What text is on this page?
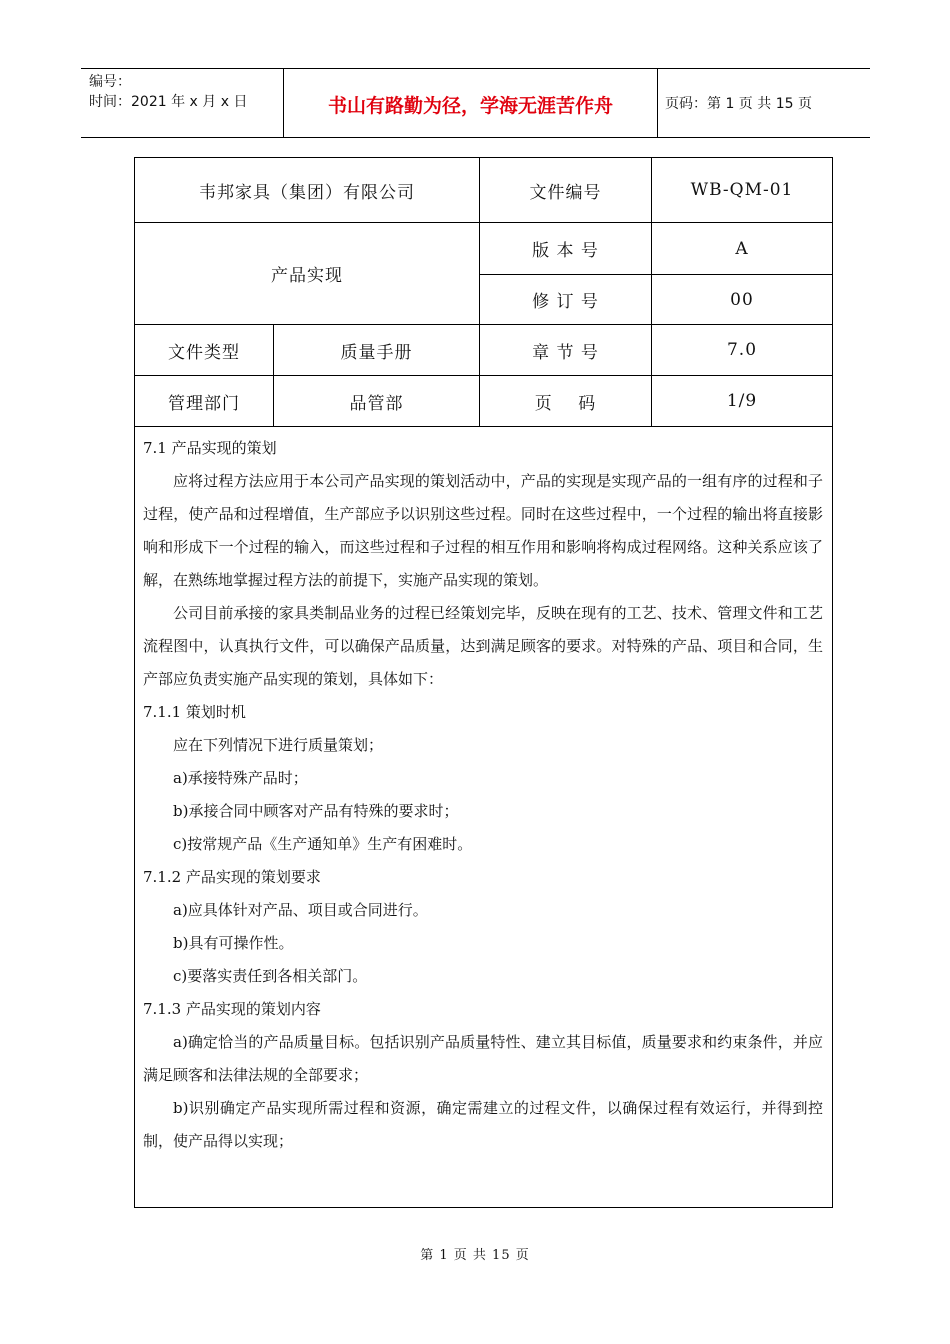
编号：
时间：2021 年 x 月 x 日	书山有路勤为径，学海无涯苦作舟	页码：第 1 页 共 15 页
韦邦家具（集团）有限公司	文件编号	WB-QM-01
产品实现
版 本 号	A
修 订 号	00
文件类型	质量手册	章 节 号	7.0
管理部门	品管部	页    码	1/9

7.1 产品实现的策划

应将过程方法应用于本公司产品实现的策划活动中，产品的实现是实现产品的一组有序的过程和子过程，使产品和过程增值，生产部应予以识别这些过程。同时在这些过程中，一个过程的输出将直接影响和形成下一个过程的输入，而这些过程和子过程的相互作用和影响将构成过程网络。这种关系应该了解，在熟练地掌握过程方法的前提下，实施产品实现的策划。

公司目前承接的家具类制品业务的过程已经策划完毕，反映在现有的工艺、技术、管理文件和工艺流程图中，认真执行文件，可以确保产品质量，达到满足顾客的要求。对特殊的产品、项目和合同，生产部应负责实施产品实现的策划，具体如下：

7.1.1 策划时机

应在下列情况下进行质量策划；

a)承接特殊产品时；

b)承接合同中顾客对产品有特殊的要求时；

c)按常规产品《生产通知单》生产有困难时。

7.1.2 产品实现的策划要求

a)应具体针对产品、项目或合同进行。

b)具有可操作性。

c)要落实责任到各相关部门。

7.1.3 产品实现的策划内容

a)确定恰当的产品质量目标。包括识别产品质量特性、建立其目标值，质量要求和约束条件，并应满足顾客和法律法规的全部要求；

b)识别确定产品实现所需过程和资源，确定需建立的过程文件，以确保过程有效运行，并得到控制，使产品得以实现；

第 1 页 共 15 页
